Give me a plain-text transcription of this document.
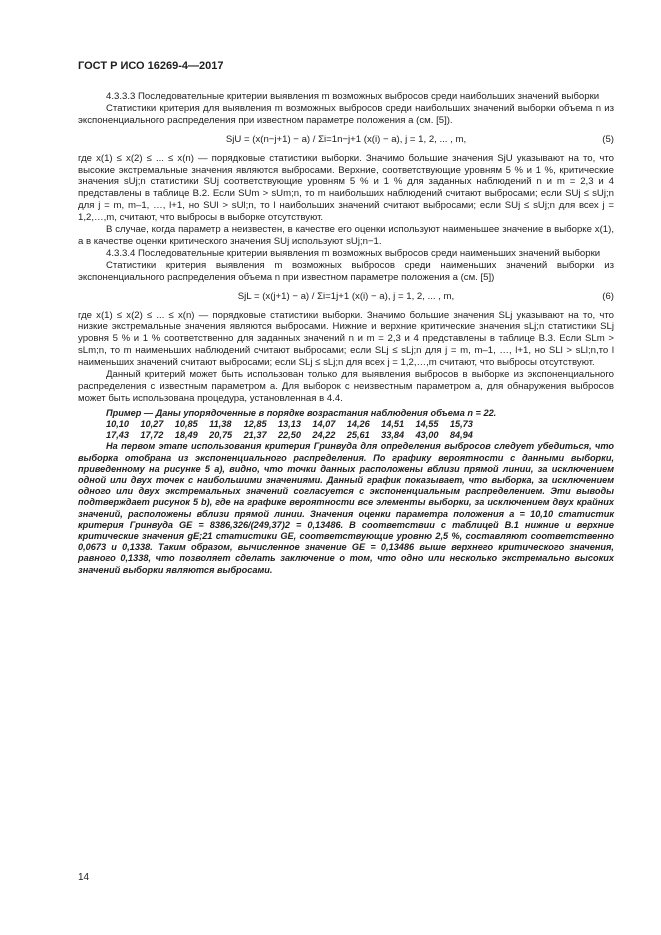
ГОСТ Р ИСО 16269-4—2017

4.3.3.3 Последовательные критерии выявления m возможных выбросов среди наибольших значений выборки

Статистики критерия для выявления m возможных выбросов среди наибольших значений выборки объема n из экспоненциального распределения при известном параметре положения a (см. [5]).

SjU = (x(n−j+1) − a) / Σi=1n−j+1 (x(i) − a), j = 1, 2, ... , m,	(5)

где x(1) ≤ x(2) ≤ ... ≤ x(n) — порядковые статистики выборки. Значимо большие значения SjU указывают на то, что высокие экстремальные значения являются выбросами. Верхние, соответствующие уровням 5 % и 1 %, критические значения sUj;n статистики SUj соответствующие уровням 5 % и 1 % для заданных наблюдений n и m = 2,3 и 4 представлены в таблице В.2. Если SUm > sUm;n, то m наибольших наблюдений считают выбросами; если SUj ≤ sUj;n для j = m, m–1, …, l+1, но SUl > sUl;n, то l наибольших значений считают выбросами; если SUj ≤ sUj;n для всех j = 1,2,…,m, считают, что выбросы в выборке отсутствуют.

В случае, когда параметр a неизвестен, в качестве его оценки используют наименьшее значение в выборке x(1), а в качестве оценки критического значения SUj используют sUj;n−1.

4.3.3.4 Последовательные критерии выявления m возможных выбросов среди наименьших значений выборки

Статистики критерия выявления m возможных выбросов среди наименьших значений выборки из экспоненциального распределения объема n при известном параметре положения a (см. [5])

SjL = (x(j+1) − a) / Σi=1j+1 (x(i) − a), j = 1, 2, ... , m,	(6)

где x(1) ≤ x(2) ≤ ... ≤ x(n) — порядковые статистики выборки. Значимо большие значения SLj указывают на то, что низкие экстремальные значения являются выбросами. Нижние и верхние критические значения sLj;n статистики SLj уровня 5 % и 1 % соответственно для заданных значений n и m = 2,3 и 4 представлены в таблице В.3. Если SLm > sLm;n, то m наименьших наблюдений считают выбросами; если SLj ≤ sLj;n для j = m, m–1, …, l+1, но SLl > sLl;n,то l наименьших значений считают выбросами; если SLj ≤ sLj;n для всех j = 1,2,…,m считают, что выбросы отсутствуют.

Данный критерий может быть использован только для выявления выбросов в выборке из экспоненциального распределения с известным параметром a. Для выборок с неизвестным параметром a, для обнаружения выбросов может быть использована процедура, установленная в 4.4.

Пример — Даны упорядоченные в порядке возрастания наблюдения объема n = 22.

10,10	10,27	10,85	11,38	12,85	13,13	14,07	14,26	14,51	14,55	15,73
17,43	17,72	18,49	20,75	21,37	22,50	24,22	25,61	33,84	43,00	84,94

На первом этапе использования критерия Гринвуда для определения выбросов следует убедиться, что выборка отобрана из экспоненциального распределения. По графику вероятности с данными выборки, приведенному на рисунке 5 a), видно, что точки данных расположены вблизи прямой линии, за исключением одной или двух точек с наибольшими значениями. Данный график показывает, что выборка, за исключением одного или двух экстремальных значений согласуется с экспоненциальным распределением. Эти выводы подтверждает рисунок 5 b), где на графике вероятности все элементы выборки, за исключением двух крайних значений, расположены вблизи прямой линии. Значения оценки параметра положения a = 10,10 статистик критерия Гринвуда GE = 8386,326/(249,37)2 = 0,13486. В соответствии с таблицей В.1 нижние и верхние критические значения gE;21 статистики GE, соответствующие уровню 2,5 %, составляют соответственно 0,0673 и 0,1338. Таким образом, вычисленное значение GE = 0,13486 выше верхнего критического значения, равного 0,1338, что позволяет сделать заключение о том, что одно или несколько экстремально высоких значений выборки являются выбросами.

14
